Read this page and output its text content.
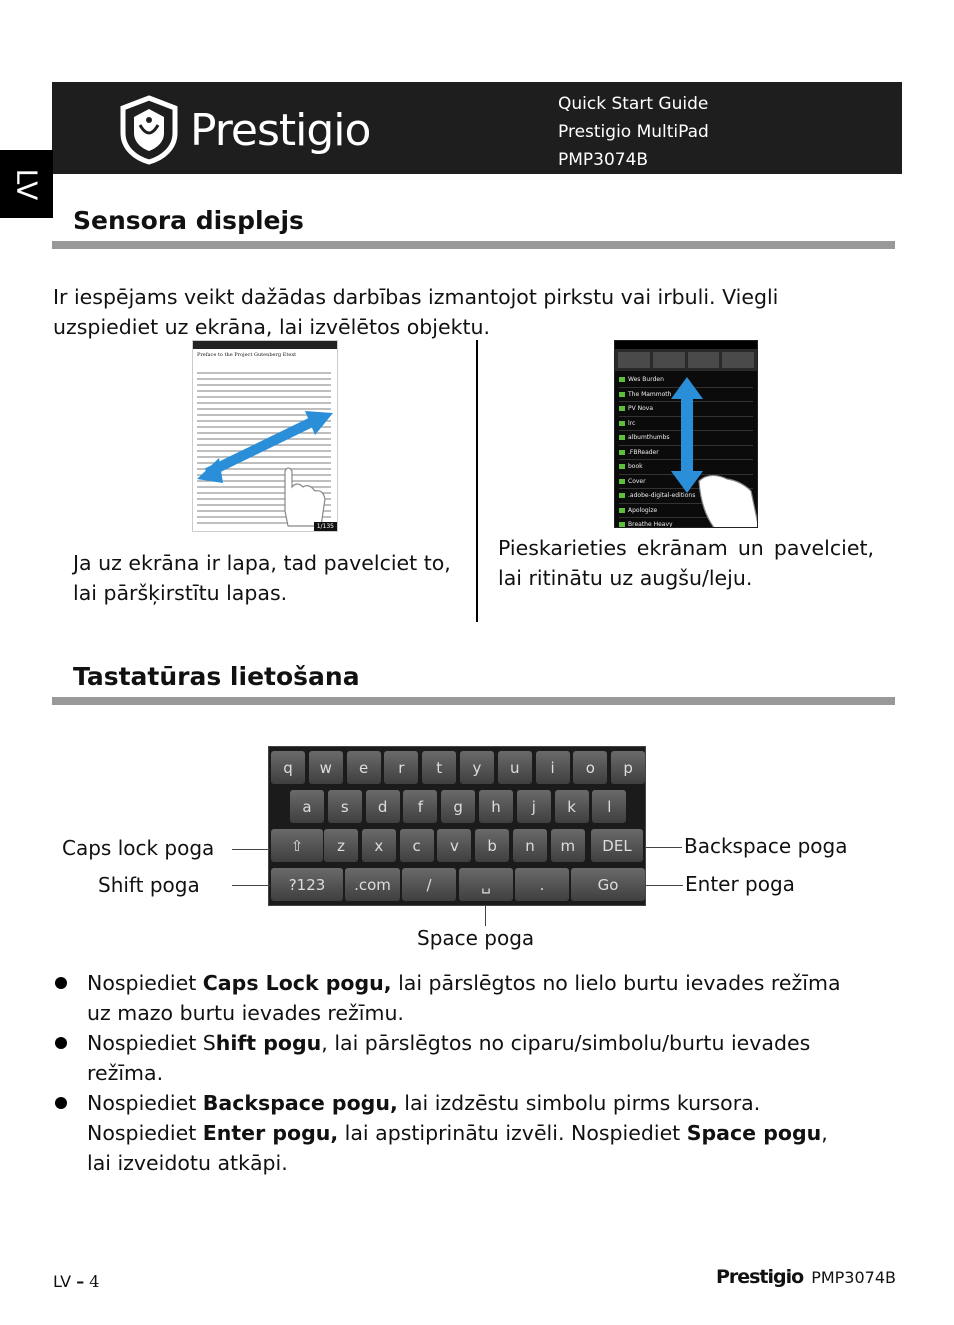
Prestigio
Quick Start Guide
Prestigio MultiPad
PMP3074B
LV
Sensora displejs
Ir iespējams veikt dažādas darbības izmantojot pirkstu vai irbuli. Viegli uzspiediet uz ekrāna, lai izvēlētos objektu.
Preface to the Project Gutenberg Etext
1/135
Wes Burden
The Mammoth
PV Nova
lrc
albumthumbs
.FBReader
book
Cover
.adobe-digital-editions
Apologize
Breathe Heavy
Ja uz ekrāna ir lapa, tad pavelciet to, lai pāršķirstītu lapas.
Pieskarieties ekrānam un pavelciet, lai ritinātu uz augšu/leju.
Tastatūras lietošana
q	w	e	r	t	y	u	i	o	p
a	s	d	f	g	h	j	k	l
⇧	z	x	c	v	b	n	m	DEL
?123	.com	/	␣	.	Go
Caps lock poga
Shift poga
Backspace poga
Enter poga
Space poga
Nospiediet Caps Lock pogu, lai pārslēgtos no lielo burtu ievades režīma uz mazo burtu ievades režīmu.
Nospiediet Shift pogu, lai pārslēgtos no ciparu/simbolu/burtu ievades režīma.
Nospiediet Backspace pogu, lai izdzēstu simbolu pirms kursora. Nospiediet Enter pogu, lai apstiprinātu izvēli. Nospiediet Space pogu, lai izveidotu atkāpi.
LV – 4	Prestigio PMP3074B
